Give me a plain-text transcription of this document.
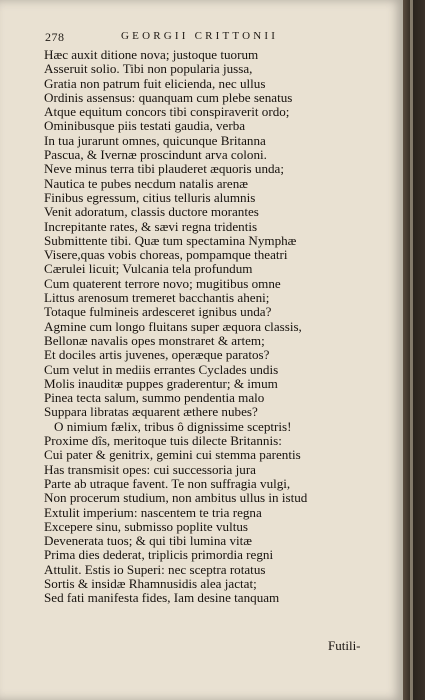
278	GEORGII CRITTONII
Hæc auxit ditione nova; justoque tuorum
Asseruit solio. Tibi non popularia jussa,
Gratia non patrum fuit elicienda, nec ullus
Ordinis assensus: quanquam cum plebe senatus
Atque equitum concors tibi conspiraverit ordo;
Ominibusque piis testati gaudia, verba
In tua jurarunt omnes, quicunque Britanna
Pascua, & Ivernæ proscindunt arva coloni.
Neve minus terra tibi plauderet æquoris unda;
Nautica te pubes necdum natalis arenæ
Finibus egressum, citius telluris alumnis
Venit adoratum, classis ductore morantes
Increpitante rates, & sævi regna tridentis
Submittente tibi. Quæ tum spectamina Nymphæ
Visere,quas vobis choreas, pompamque theatri
Cærulei licuit; Vulcania tela profundum
Cum quaterent terrore novo; mugitibus omne
Littus arenosum tremeret bacchantis aheni;
Totaque fulmineis ardesceret ignibus unda?
Agmine cum longo fluitans super æquora classis,
Bellonæ navalis opes monstraret & artem;
Et dociles artis juvenes, operæque paratos?
Cum velut in mediis errantes Cyclades undis
Molis inauditæ puppes graderentur; & imum
Pinea tecta salum, summo pendentia malo
Suppara libratas æquarent æthere nubes?
O nimium fælix, tribus ô dignissime sceptris!
Proxime dîs, meritoque tuis dilecte Britannis:
Cui pater & genitrix, gemini cui stemma parentis
Has transmisit opes: cui successoria jura
Parte ab utraque favent. Te non suffragia vulgi,
Non procerum studium, non ambitus ullus in istud
Extulit imperium: nascentem te tria regna
Excepere sinu, submisso poplite vultus
Devenerata tuos; & qui tibi lumina vitæ
Prima dies dederat, triplicis primordia regni
Attulit. Estis io Superi: nec sceptra rotatus
Sortis & insidæ Rhamnusidis alea jactat;
Sed fati manifesta fides, Iam desine tanquam
Futili-
